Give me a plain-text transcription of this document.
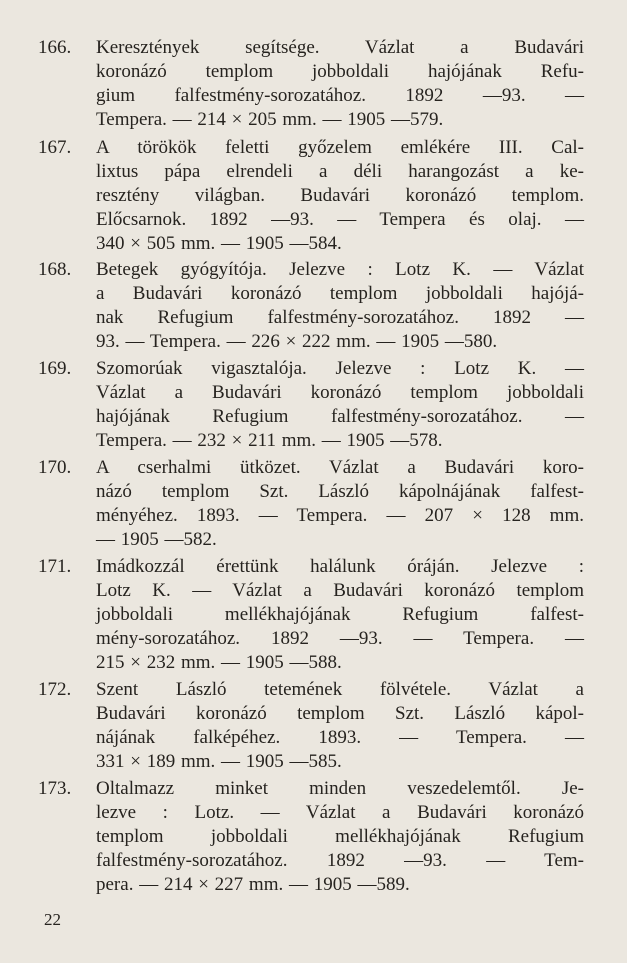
166.	Keresztények segítsége. Vázlat a Budavári
koronázó templom jobboldali hajójának Refu-
gium falfestmény-sorozatához. 1892 —93. —
Tempera. — 214 × 205 mm. — 1905 —579.
167.	A törökök feletti győzelem emlékére III. Cal-
lixtus pápa elrendeli a déli harangozást a ke-
resztény világban. Budavári koronázó templom.
Előcsarnok. 1892 —93. — Tempera és olaj. —
340 × 505 mm. — 1905 —584.
168.	Betegek gyógyítója. Jelezve : Lotz K. — Vázlat
a Budavári koronázó templom jobboldali hajójá-
nak Refugium falfestmény-sorozatához. 1892 —
93. — Tempera. — 226 × 222 mm. — 1905 —580.
169.	Szomorúak vigasztalója. Jelezve : Lotz K. —
Vázlat a Budavári koronázó templom jobboldali
hajójának Refugium falfestmény-sorozatához. —
Tempera. — 232 × 211 mm. — 1905 —578.
170.	A cserhalmi ütközet. Vázlat a Budavári koro-
názó templom Szt. László kápolnájának falfest-
ményéhez. 1893. — Tempera. — 207 × 128 mm.
— 1905 —582.
171.	Imádkozzál érettünk halálunk óráján. Jelezve :
Lotz K. — Vázlat a Budavári koronázó templom
jobboldali mellékhajójának Refugium falfest-
mény-sorozatához. 1892 —93. — Tempera. —
215 × 232 mm. — 1905 —588.
172.	Szent László tetemének fölvétele. Vázlat a
Budavári koronázó templom Szt. László kápol-
nájának falképéhez. 1893. — Tempera. —
331 × 189 mm. — 1905 —585.
173.	Oltalmazz minket minden veszedelemtől. Je-
lezve : Lotz. — Vázlat a Budavári koronázó
templom jobboldali mellékhajójának Refugium
falfestmény-sorozatához. 1892 —93. — Tem-
pera. — 214 × 227 mm. — 1905 —589.
22
